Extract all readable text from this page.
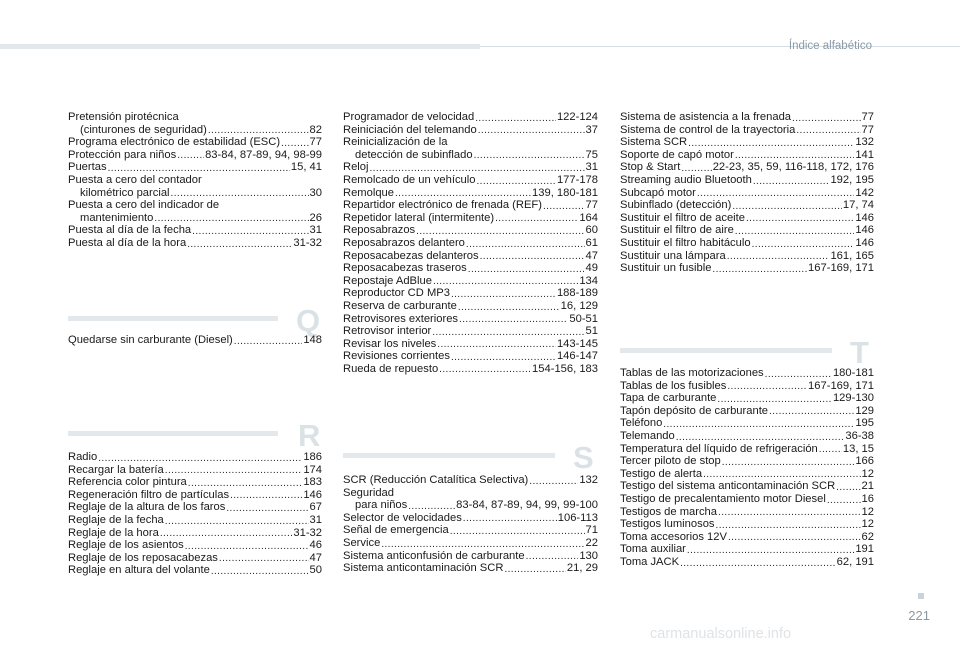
Índice alfabético
Pretensión pirotécnica
(cinturones de seguridad) .....	82
Programa electrónico de estabilidad (ESC) .....	77
Protección para niños .....	83-84, 87-89, 94, 98-99
Puertas .....	15, 41
Puesta a cero del contador
kilométrico parcial .....	30
Puesta a cero del indicador de
mantenimiento .....	26
Puesta al día de la fecha .....	31
Puesta al día de la hora .....	31-32
Q
Quedarse sin carburante (Diesel) .....	148
R
Radio .....	186
Recargar la batería .....	174
Referencia color pintura .....	183
Regeneración filtro de partículas .....	146
Reglaje de la altura de los faros .....	67
Reglaje de la fecha .....	31
Reglaje de la hora .....	31-32
Reglaje de los asientos .....	46
Reglaje de los reposacabezas .....	47
Reglaje en altura del volante .....	50
Programador de velocidad .....	122-124
Reiniciación del telemando .....	37
Reinicialización de la
detección de subinflado .....	75
Reloj .....	31
Remolcado de un vehículo .....	177-178
Remolque .....	139, 180-181
Repartidor electrónico de frenada (REF) .....	77
Repetidor lateral (intermitente) .....	164
Reposabrazos .....	60
Reposabrazos delantero .....	61
Reposacabezas delanteros .....	47
Reposacabezas traseros .....	49
Repostaje AdBlue .....	134
Reproductor CD MP3 .....	188-189
Reserva de carburante .....	16, 129
Retrovisores exteriores .....	50-51
Retrovisor interior .....	51
Revisar los niveles .....	143-145
Revisiones corrientes .....	146-147
Rueda de repuesto .....	154-156, 183
S
SCR (Reducción Catalítica Selectiva) .....	132
Seguridad
para niños .....	83-84, 87-89, 94, 99, 99-100
Selector de velocidades .....	106-113
Señal de emergencia .....	71
Service .....	22
Sistema anticonfusión de carburante .....	130
Sistema anticontaminación SCR .....	21, 29
Sistema de asistencia a la frenada .....	77
Sistema de control de la trayectoria .....	77
Sistema SCR .....	132
Soporte de capó motor .....	141
Stop & Start .....	22-23, 35, 59, 116-118, 172, 176
Streaming audio Bluetooth .....	192, 195
Subcapó motor .....	142
Subinflado (detección) .....	17, 74
Sustituir el filtro de aceite .....	146
Sustituir el filtro de aire .....	146
Sustituir el filtro habitáculo .....	146
Sustituir una lámpara .....	161, 165
Sustituir un fusible .....	167-169, 171
T
Tablas de las motorizaciones .....	180-181
Tablas de los fusibles .....	167-169, 171
Tapa de carburante .....	129-130
Tapón depósito de carburante .....	129
Teléfono .....	195
Telemando .....	36-38
Temperatura del líquido de refrigeración ..... 13, 15
Tercer piloto de stop .....	166
Testigo de alerta .....	12
Testigo del sistema anticontaminación SCR ..... 21
Testigo de precalentamiento motor Diesel .....	16
Testigos de marcha .....	12
Testigos luminosos .....	12
Toma accesorios 12V .....	62
Toma auxiliar .....	191
Toma JACK .....	62, 191
221
carmanualsonline.info
